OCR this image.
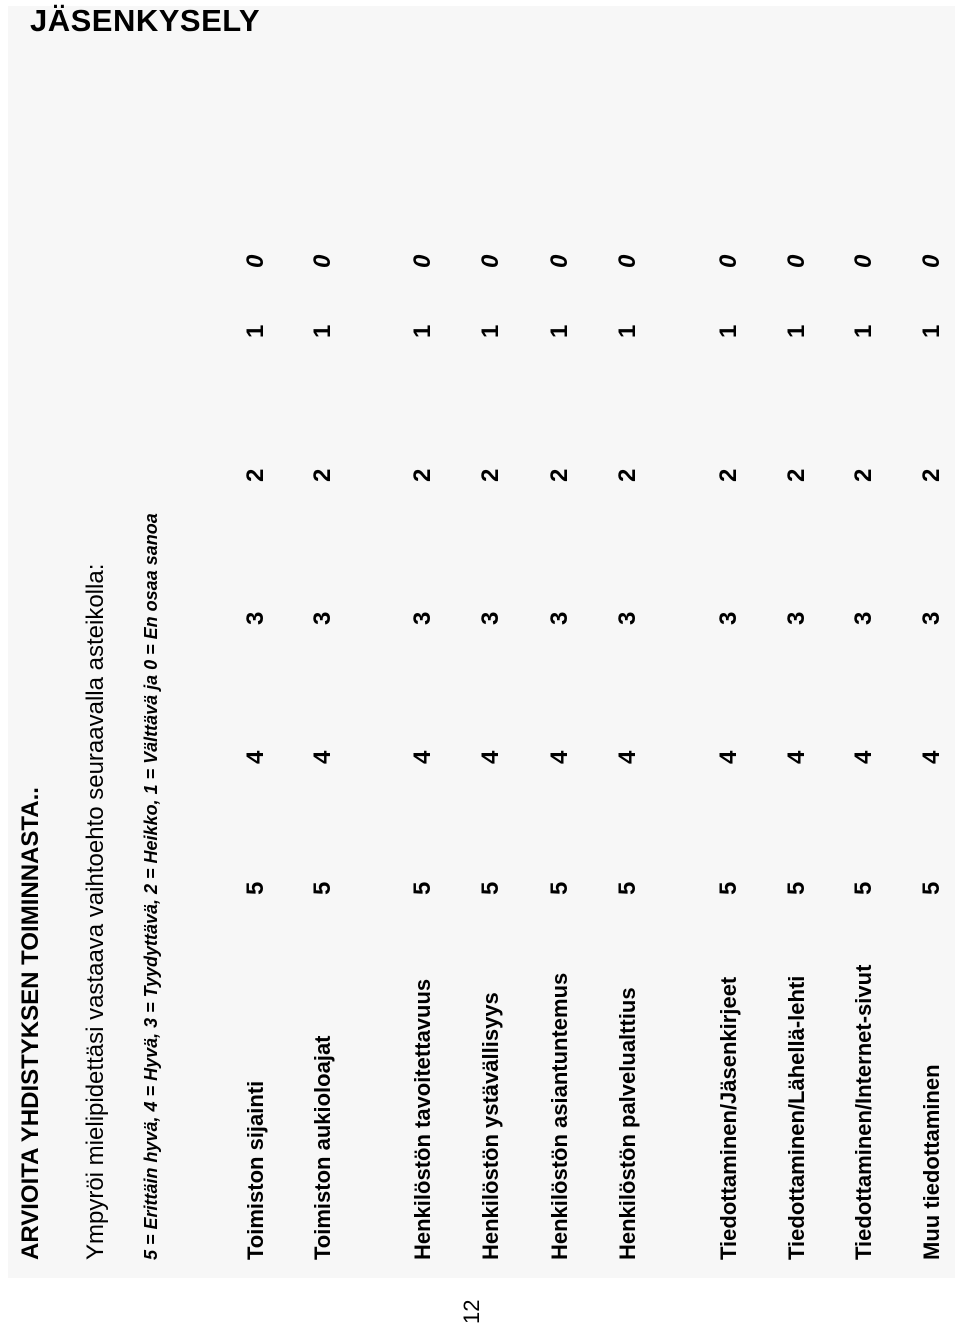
JÄSENKYSELY
ARVIOITA YHDISTYKSEN TOIMINNASTA.. Ympyröi mielipidettäsi vastaava vaihtoehto seuraavalla asteikolla: 5 = Erittäin hyvä, 4 = Hyvä, 3 = Tyydyttävä, 2 = Heikko, 1 = Välttävä ja 0 = En osaa sanoa	Toimiston sijainti
5
4
3
2
1
0
Toimiston aukioloajat
5
4
3
2
1
0
Henkilöstön tavoitettavuus
5
4
3
2
1
0
Henkilöstön ystävällisyys
5
4
3
2
1
0
Henkilöstön asiantuntemus
5
4
3
2
1
0
Henkilöstön palvelualttius
5
4
3
2
1
0
Tiedottaminen/Jäsenkirjeet
5
4
3
2
1
0
Tiedottaminen/Lähellä-lehti
5
4
3
2
1
0
Tiedottaminen/Internet-sivut
5
4
3
2
1
0
Muu tiedottaminen
5
4
3
2
1
0
12
